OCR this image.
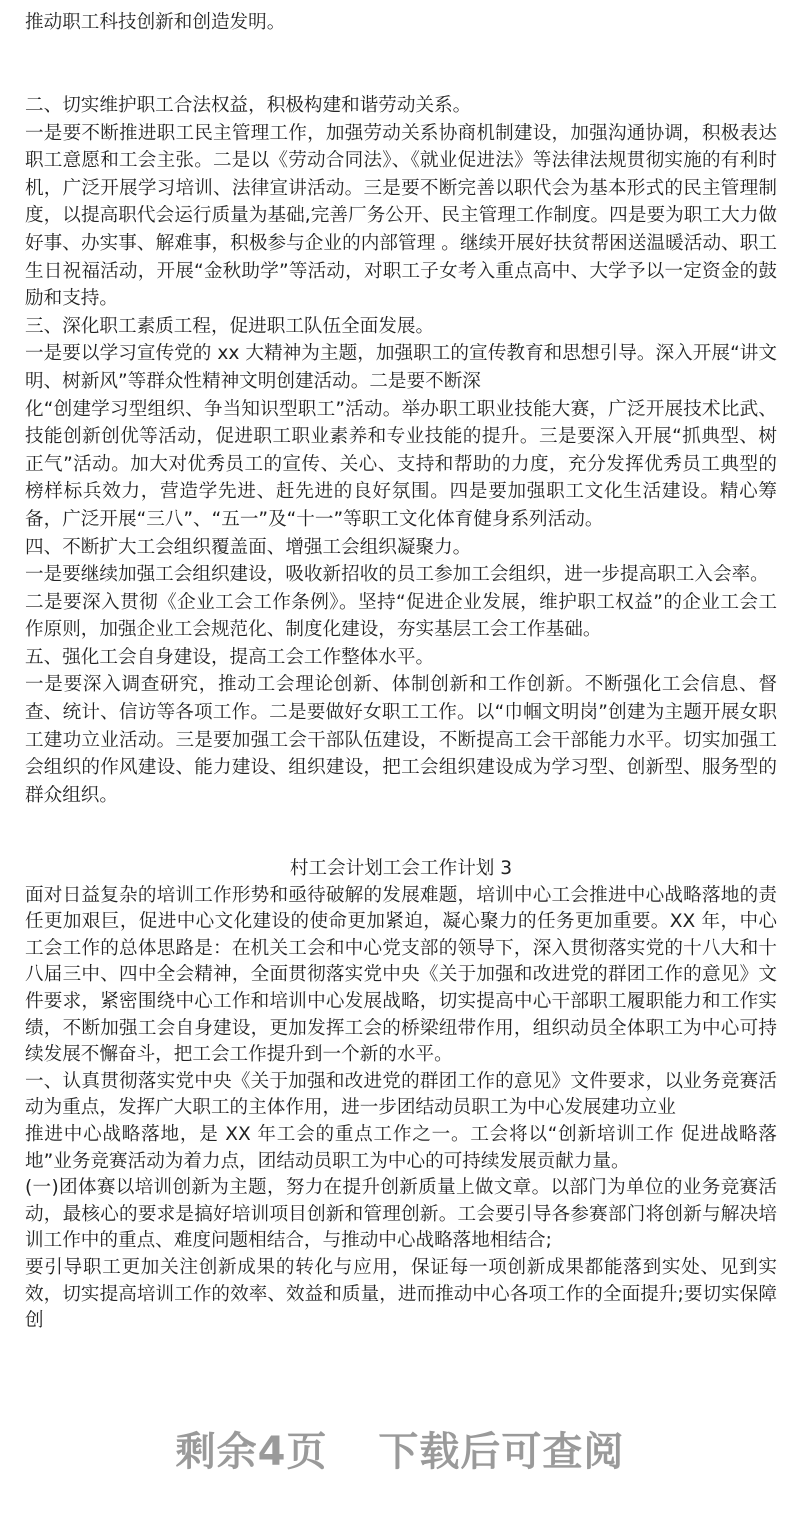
推动职工科技创新和创造发明。

二、切实维护职工合法权益，积极构建和谐劳动关系。

一是要不断推进职工民主管理工作，加强劳动关系协商机制建设，加强沟通协调，积极表达职工意愿和工会主张。二是以《劳动合同法》、《就业促进法》等法律法规贯彻实施的有利时机，广泛开展学习培训、法律宣讲活动。三是要不断完善以职代会为基本形式的民主管理制度，以提高职代会运行质量为基础,完善厂务公开、民主管理工作制度。四是要为职工大力做好事、办实事、解难事，积极参与企业的内部管理 。继续开展好扶贫帮困送温暖活动、职工生日祝福活动，开展“金秋助学”等活动，对职工子女考入重点高中、大学予以一定资金的鼓励和支持。

三、深化职工素质工程，促进职工队伍全面发展。

一是要以学习宣传党的 xx 大精神为主题，加强职工的宣传教育和思想引导。深入开展“讲文明、树新风”等群众性精神文明创建活动。二是要不断深

化“创建学习型组织、争当知识型职工”活动。举办职工职业技能大赛，广泛开展技术比武、技能创新创优等活动，促进职工职业素养和专业技能的提升。三是要深入开展“抓典型、树正气”活动。加大对优秀员工的宣传、关心、支持和帮助的力度，充分发挥优秀员工典型的榜样标兵效力，营造学先进、赶先进的良好氛围。四是要加强职工文化生活建设。精心筹备，广泛开展“三八”、“五一”及“十一”等职工文化体育健身系列活动。

四、不断扩大工会组织覆盖面、增强工会组织凝聚力。

一是要继续加强工会组织建设，吸收新招收的员工参加工会组织，进一步提高职工入会率。

二是要深入贯彻《企业工会工作条例》。坚持“促进企业发展，维护职工权益”的企业工会工作原则，加强企业工会规范化、制度化建设，夯实基层工会工作基础。

五、强化工会自身建设，提高工会工作整体水平。

一是要深入调查研究，推动工会理论创新、体制创新和工作创新。不断强化工会信息、督查、统计、信访等各项工作。二是要做好女职工工作。以“巾帼文明岗”创建为主题开展女职工建功立业活动。三是要加强工会干部队伍建设，不断提高工会干部能力水平。切实加强工会组织的作风建设、能力建设、组织建设，把工会组织建设成为学习型、创新型、服务型的群众组织。

村工会计划工会工作计划 3

面对日益复杂的培训工作形势和亟待破解的发展难题，培训中心工会推进中心战略落地的责任更加艰巨，促进中心文化建设的使命更加紧迫，凝心聚力的任务更加重要。XX 年，中心工会工作的总体思路是：在机关工会和中心党支部的领导下，深入贯彻落实党的十八大和十八届三中、四中全会精神，全面贯彻落实党中央《关于加强和改进党的群团工作的意见》文件要求，紧密围绕中心工作和培训中心发展战略，切实提高中心干部职工履职能力和工作实绩，不断加强工会自身建设，更加发挥工会的桥梁纽带作用，组织动员全体职工为中心可持续发展不懈奋斗，把工会工作提升到一个新的水平。

一、认真贯彻落实党中央《关于加强和改进党的群团工作的意见》文件要求，以业务竞赛活动为重点，发挥广大职工的主体作用，进一步团结动员职工为中心发展建功立业

推进中心战略落地，是 XX 年工会的重点工作之一。工会将以“创新培训工作 促进战略落地”业务竞赛活动为着力点，团结动员职工为中心的可持续发展贡献力量。

(一)团体赛以培训创新为主题，努力在提升创新质量上做文章。以部门为单位的业务竞赛活动，最核心的要求是搞好培训项目创新和管理创新。工会要引导各参赛部门将创新与解决培训工作中的重点、难度问题相结合，与推动中心战略落地相结合;

要引导职工更加关注创新成果的转化与应用，保证每一项创新成果都能落到实处、见到实效，切实提高培训工作的效率、效益和质量，进而推动中心各项工作的全面提升;要切实保障创

剩余4页 下载后可查阅
